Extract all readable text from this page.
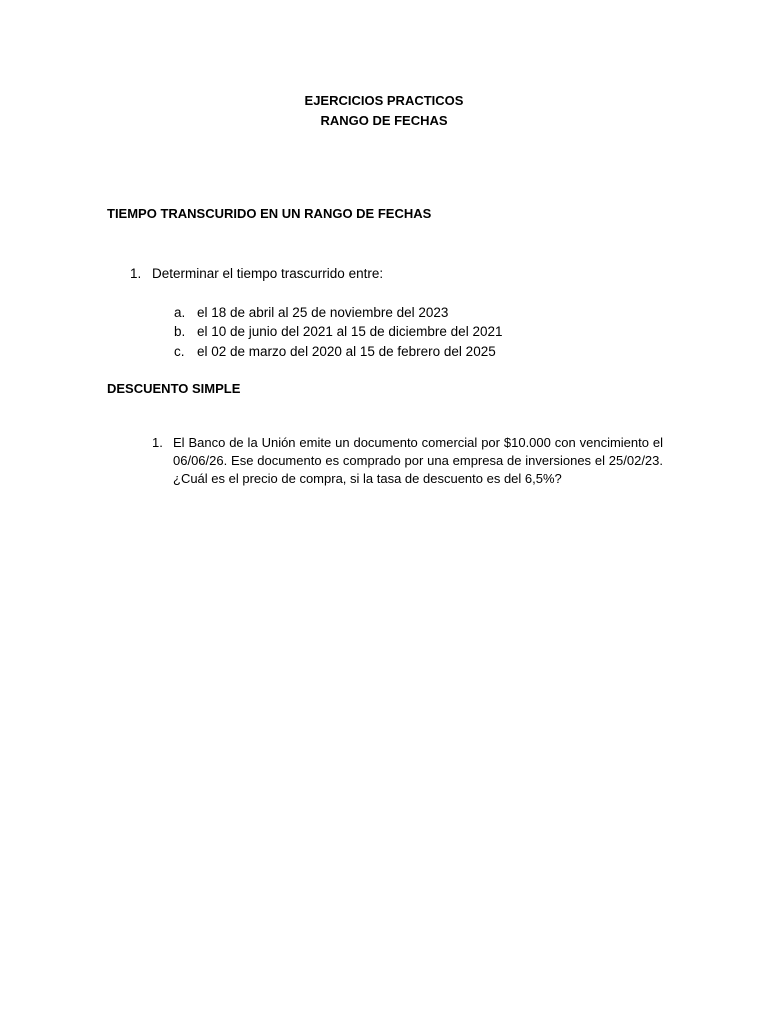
EJERCICIOS PRACTICOS
RANGO DE FECHAS
TIEMPO TRANSCURIDO EN UN RANGO DE FECHAS
1. Determinar el tiempo trascurrido entre:
a. el 18 de abril al 25 de noviembre del 2023
b. el 10 de junio del 2021 al 15 de diciembre del 2021
c. el 02 de marzo del 2020 al 15 de febrero del 2025
DESCUENTO SIMPLE
1. El Banco de la Unión emite un documento comercial por $10.000 con vencimiento el
06/06/26. Ese documento es comprado por una empresa de inversiones el 25/02/23.
¿Cuál es el precio de compra, si la tasa de descuento es del 6,5%?
